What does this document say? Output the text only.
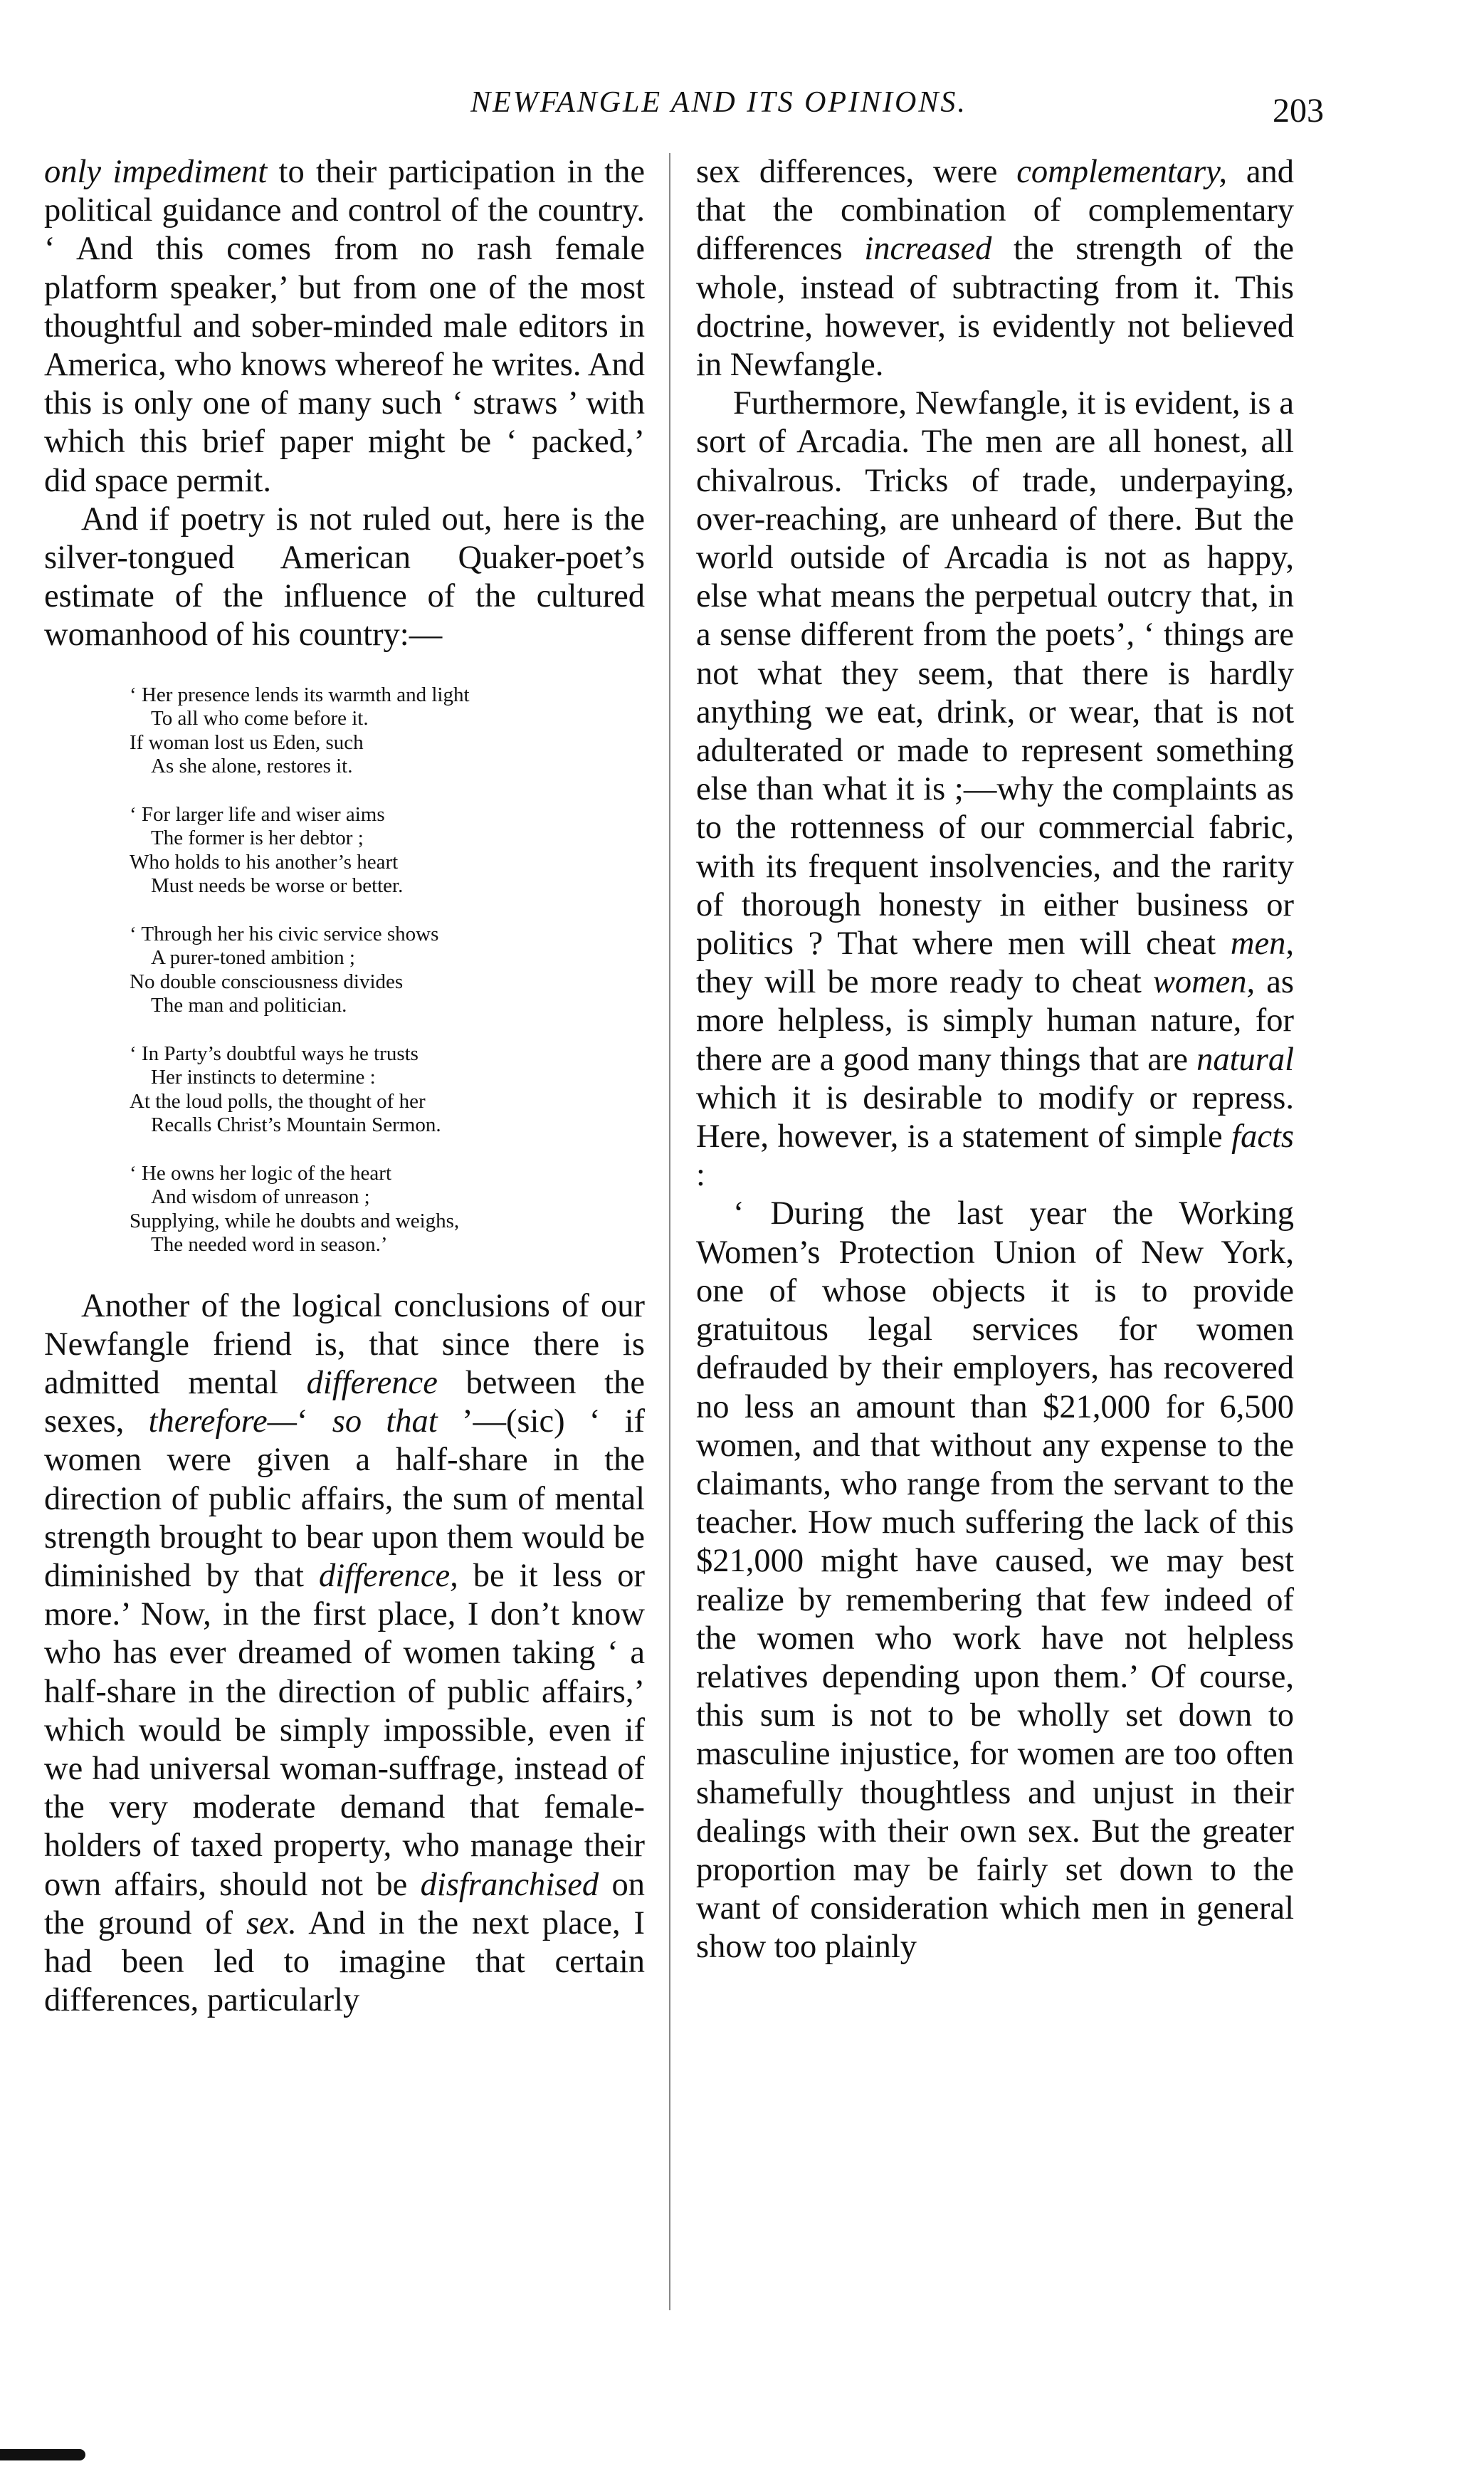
NEWFANGLE AND ITS OPINIONS.	203

only impediment to their participation in the political guidance and control of the country. ‘ And this comes from no rash female platform speaker,’ but from one of the most thoughtful and sober-minded male editors in America, who knows whereof he writes. And this is only one of many such ‘ straws ’ with which this brief paper might be ‘ packed,’ did space permit.

And if poetry is not ruled out, here is the silver-tongued American Quaker-poet’s estimate of the influence of the cultured womanhood of his country:—

‘ Her presence lends its warmth and light
To all who come before it.
If woman lost us Eden, such
As she alone, restores it.
‘ For larger life and wiser aims
The former is her debtor ;
Who holds to his another’s heart
Must needs be worse or better.
‘ Through her his civic service shows
A purer-toned ambition ;
No double consciousness divides
The man and politician.
‘ In Party’s doubtful ways he trusts
Her instincts to determine :
At the loud polls, the thought of her
Recalls Christ’s Mountain Sermon.
‘ He owns her logic of the heart
And wisdom of unreason ;
Supplying, while he doubts and weighs,
The needed word in season.’

Another of the logical conclusions of our Newfangle friend is, that since there is admitted mental difference between the sexes, therefore—‘ so that ’—(sic) ‘ if women were given a half-share in the direction of public affairs, the sum of mental strength brought to bear upon them would be diminished by that difference, be it less or more.’ Now, in the first place, I don’t know who has ever dreamed of women taking ‘ a half-share in the direction of public affairs,’ which would be simply impossible, even if we had universal woman-suffrage, instead of the very moderate demand that female-holders of taxed property, who manage their own affairs, should not be disfranchised on the ground of sex. And in the next place, I had been led to imagine that certain differences, particularly

sex differences, were complementary, and that the combination of complementary differences increased the strength of the whole, instead of subtracting from it. This doctrine, however, is evidently not believed in Newfangle.

Furthermore, Newfangle, it is evident, is a sort of Arcadia. The men are all honest, all chivalrous. Tricks of trade, underpaying, over-reaching, are unheard of there. But the world outside of Arcadia is not as happy, else what means the perpetual outcry that, in a sense different from the poets’, ‘ things are not what they seem, that there is hardly anything we eat, drink, or wear, that is not adulterated or made to represent something else than what it is ;—why the complaints as to the rottenness of our commercial fabric, with its frequent insolvencies, and the rarity of thorough honesty in either business or politics ? That where men will cheat men, they will be more ready to cheat women, as more helpless, is simply human nature, for there are a good many things that are natural which it is desirable to modify or repress. Here, however, is a statement of simple facts :

‘ During the last year the Working Women’s Protection Union of New York, one of whose objects it is to provide gratuitous legal services for women defrauded by their employers, has recovered no less an amount than $21,000 for 6,500 women, and that without any expense to the claimants, who range from the servant to the teacher. How much suffering the lack of this $21,000 might have caused, we may best realize by remembering that few indeed of the women who work have not helpless relatives depending upon them.’ Of course, this sum is not to be wholly set down to masculine injustice, for women are too often shamefully thoughtless and unjust in their dealings with their own sex. But the greater proportion may be fairly set down to the want of consideration which men in general show too plainly
